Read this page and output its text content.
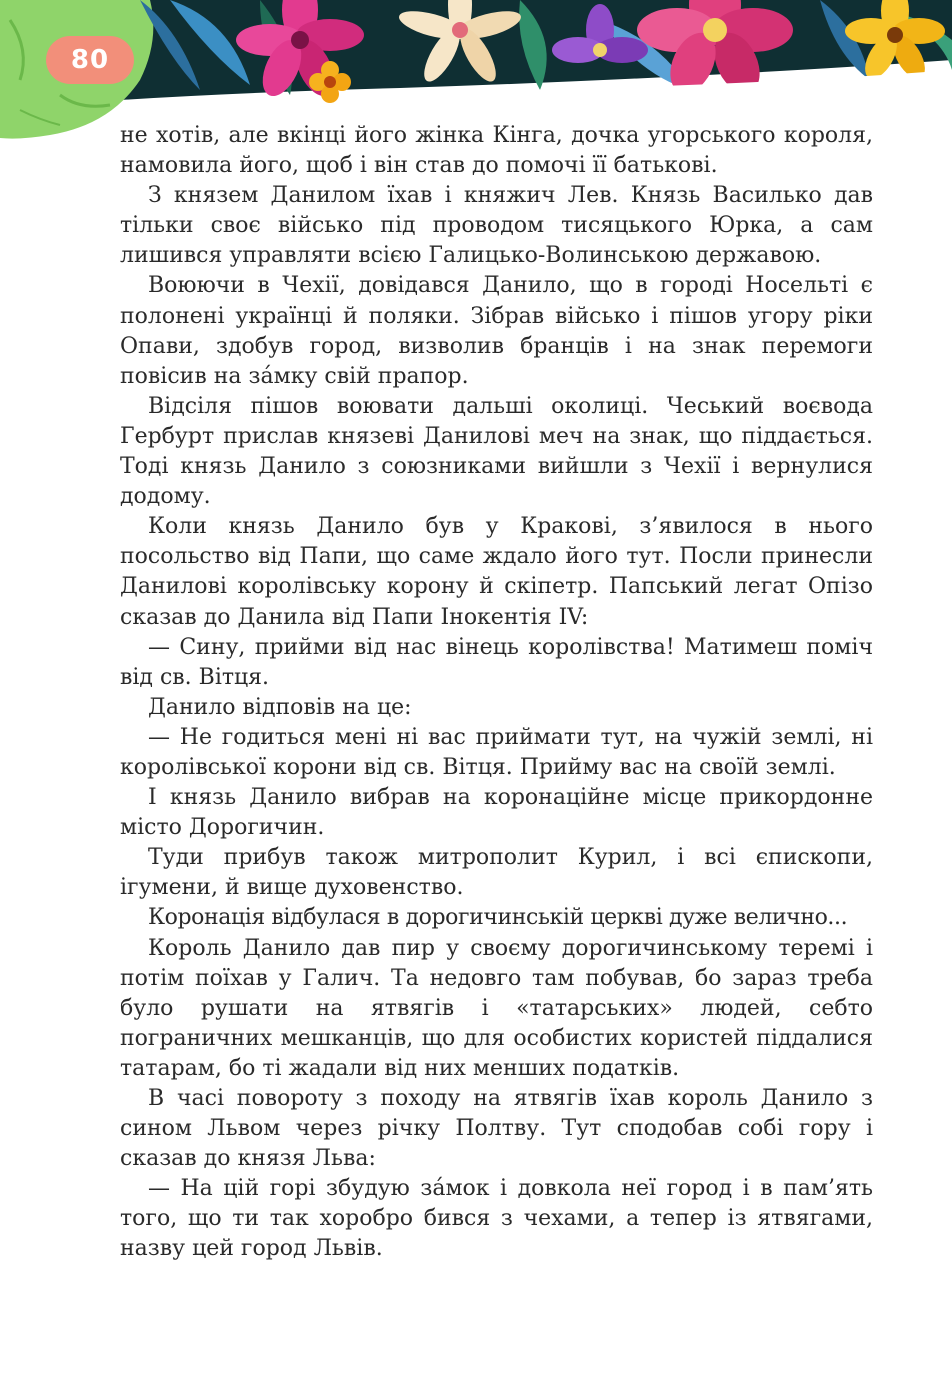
80

не хотів, але вкінці його жінка Кінга, дочка угорського короля, намовила його, щоб і він став до помочі її батькові.

З князем Данилом їхав і княжич Лев. Князь Василько дав тільки своє військо під проводом тисяцького Юрка, а сам лишився управляти всією Галицько-Волинською державою.

Воюючи в Чехії, довідався Данило, що в городі Носельті є полонені українці й поляки. Зібрав військо і пішов угору ріки Опави, здобув город, визволив бранців і на знак перемоги повісив на за́мку свій прапор.

Відсіля пішов воювати дальші околиці. Чеський воєвода Гербурт прислав князеві Данилові меч на знак, що піддається. Тоді князь Данило з союзниками вийшли з Чехії і вернулися додому.

Коли князь Данило був у Кракові, з’явилося в нього посольство від Папи, що саме ждало його тут. Посли принесли Данилові королівську корону й скіпетр. Папський легат Опізо сказав до Данила від Папи Інокентія IV:

— Сину, прийми від нас вінець королівства! Матимеш поміч від св. Вітця.

Данило відповів на це:

— Не годиться мені ні вас приймати тут, на чужій землі, ні королівської корони від св. Вітця. Прийму вас на своїй землі.

І князь Данило вибрав на коронаційне місце прикордонне місто Дорогичин.

Туди прибув також митрополит Курил, і всі єпископи, ігумени, й вище духовенство.

Коронація відбулася в дорогичинській церкві дуже велично...

Король Данило дав пир у своєму дорогичинському теремі і потім поїхав у Галич. Та недовго там побував, бо зараз треба було рушати на ятвягів і «татарських» людей, себто пограничних мешканців, що для особистих користей піддалися татарам, бо ті жадали від них менших податків.

В часі повороту з походу на ятвягів їхав король Данило з сином Львом через річку Полтву. Тут сподобав собі гору і сказав до князя Льва:

— На цій горі збудую за́мок і довкола неї город і в пам’ять того, що ти так хоробро бився з чехами, а тепер із ятвягами, назву цей город Львів.
